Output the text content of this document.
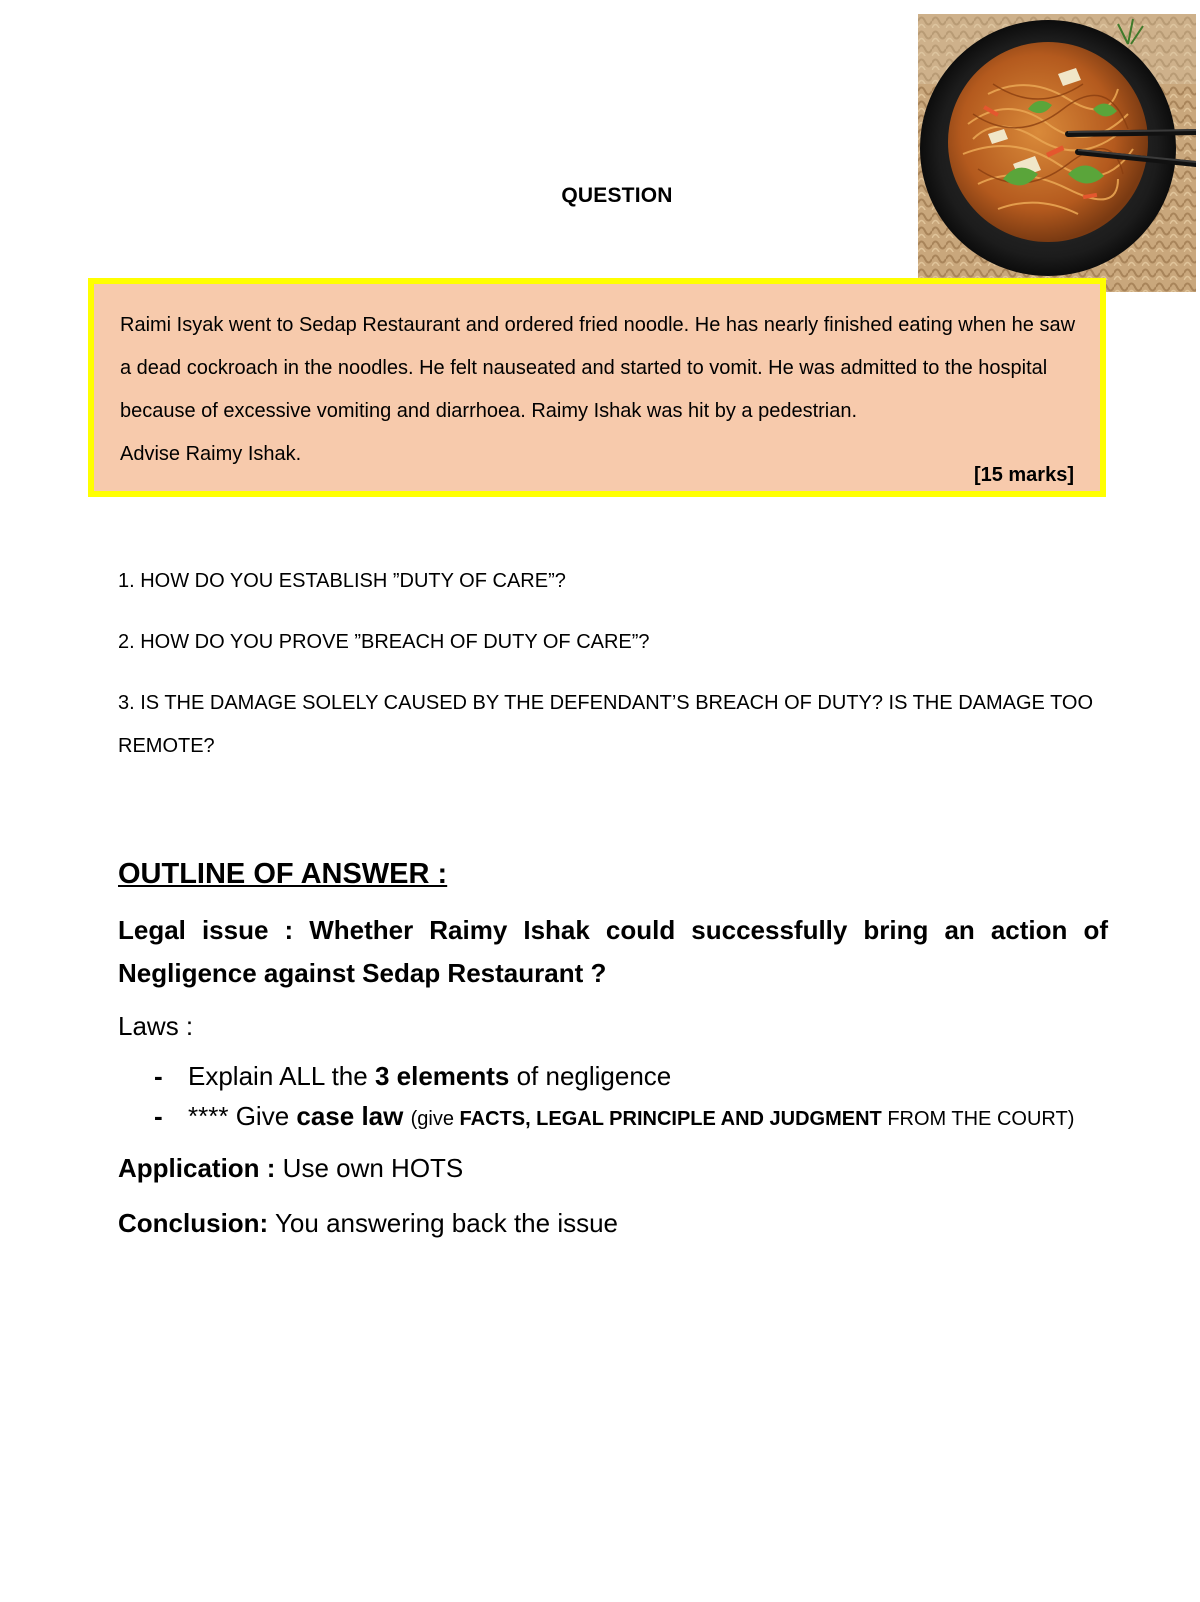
QUESTION

Raimi Isyak went to Sedap Restaurant and ordered fried noodle. He has nearly finished eating when he saw a dead cockroach in the noodles. He felt nauseated and started to vomit. He was admitted to the hospital because of excessive vomiting and diarrhoea. Raimy Ishak was hit by a pedestrian.
Advise Raimy Ishak.

[15 marks]

1. HOW DO YOU ESTABLISH ”DUTY OF CARE”?

2. HOW DO YOU PROVE ”BREACH OF DUTY OF CARE”?

3. IS THE DAMAGE SOLELY CAUSED BY THE DEFENDANT’S BREACH OF DUTY? IS THE DAMAGE TOO REMOTE?

OUTLINE OF ANSWER :

Legal issue : Whether Raimy Ishak could successfully bring an action of Negligence against Sedap Restaurant ?

Laws :

- Explain ALL the 3 elements of negligence
- **** Give case law (give FACTS, LEGAL PRINCIPLE AND JUDGMENT FROM THE COURT)

Application : Use own HOTS

Conclusion: You answering back the issue
